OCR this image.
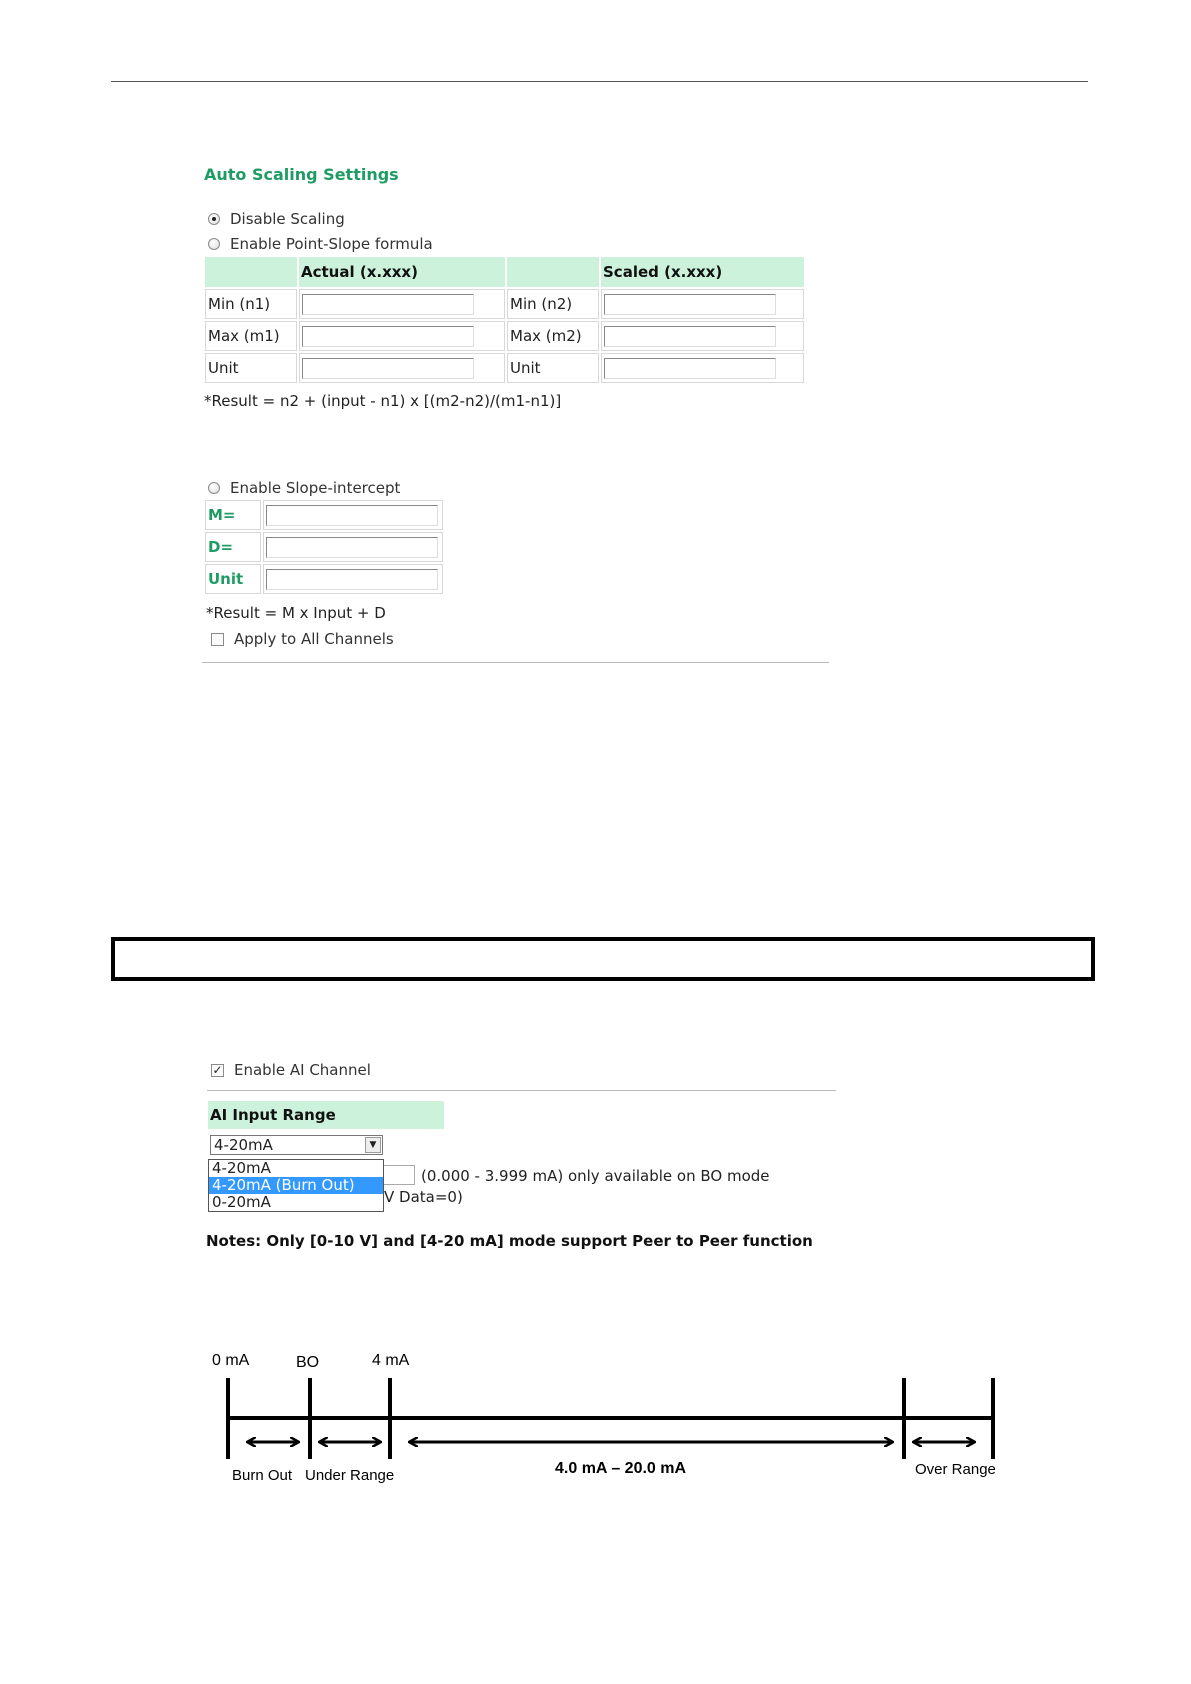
Auto Scaling Settings
Disable Scaling
Enable Point-Slope formula
	Actual (x.xxx)		Scaled (x.xxx)
Min (n1)		Min (n2)	

Max (m1)		Max (m2)	

Unit		Unit	
*Result = n2 + (input - n1) x [(m2-n2)/(m1-n1)]
Enable Slope-intercept
M=	

D=	

Unit	
*Result = M x Input + D
Apply to All Channels
✓ Enable AI Channel
AI Input Range
4-20mA	▼
(0.000 - 3.999 mA) only available on BO mode
V Data=0)
4-20mA
4-20mA (Burn Out)
0-20mA
Notes: Only [0-10 V] and [4-20 mA] mode support Peer to Peer function
0 mA	BO	4 mA
Burn Out Under Range	4.0 mA – 20.0 mA	Over Range
